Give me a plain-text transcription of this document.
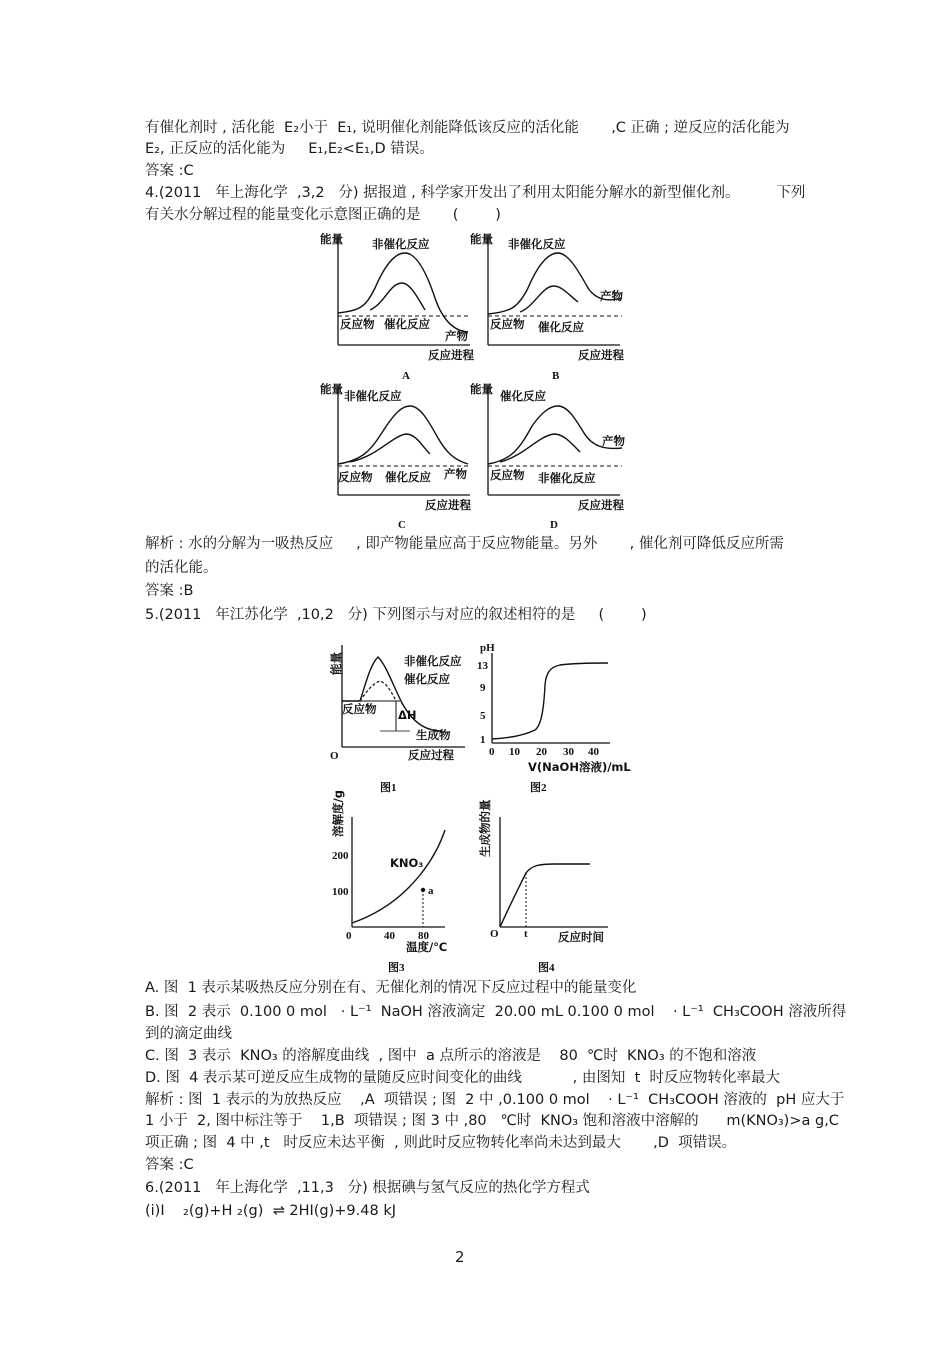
有催化剂时 , 活化能  E₂小于  E₁, 说明催化剂能降低该反应的活化能       ,C 正确 ; 逆反应的活化能为
E₂, 正反应的活化能为     E₁,E₂<E₁,D 错误。
答案 :C
4.(2011   年上海化学  ,3,2   分) 据报道 , 科学家开发出了利用太阳能分解水的新型催化剂。        下列
有关水分解过程的能量变化示意图正确的是       (        )
能量	非催化反应
反应物 催化反应
产物
反应进程
A
能量 非催化反应
产物
反应物 催化反应
反应进程
B
能量 非催化反应
反应物 催化反应 产物
反应进程
C
能量 催化反应
产物
反应物 非催化反应
反应进程
D
解析 : 水的分解为一吸热反应     , 即产物能量应高于反应物能量。另外       , 催化剂可降低反应所需
的活化能。
答案 :B
5.(2011   年江苏化学  ,10,2   分) 下列图示与对应的叙述相符的是     (        )
能量	非催化反应
催化反应
反应物 ΔH
生成物
O	反应过程
图1
pH
13
9
5
1
0 10 20 30 40
V(NaOH溶液)/mL
图2
溶解度/g
200
100
KNO₃
a
0	40 80
温度/℃
图3
生成物的量
O t	反应时间
图4
A. 图  1 表示某吸热反应分别在有、无催化剂的情况下反应过程中的能量变化
B. 图  2 表示  0.100 0 mol   · L⁻¹  NaOH 溶液滴定  20.00 mL 0.100 0 mol    · L⁻¹  CH₃COOH 溶液所得
到的滴定曲线
C. 图  3 表示  KNO₃ 的溶解度曲线  , 图中  a 点所示的溶液是    80  ℃时  KNO₃ 的不饱和溶液
D. 图  4 表示某可逆反应生成物的量随反应时间变化的曲线           , 由图知  t  时反应物转化率最大
解析 : 图  1 表示的为放热反应    ,A  项错误 ; 图  2 中 ,0.100 0 mol    · L⁻¹  CH₃COOH 溶液的  pH 应大于
1 小于  2, 图中标注等于    1,B  项错误 ; 图 3 中 ,80   ℃时  KNO₃ 饱和溶液中溶解的      m(KNO₃)>a g,C
项正确 ; 图  4 中 ,t   时反应未达平衡  , 则此时反应物转化率尚未达到最大       ,D  项错误。
答案 :C
6.(2011   年上海化学  ,11,3   分) 根据碘与氢气反应的热化学方程式
(i)I    ₂(g)+H ₂(g)  ⇌ 2HI(g)+9.48 kJ
2
